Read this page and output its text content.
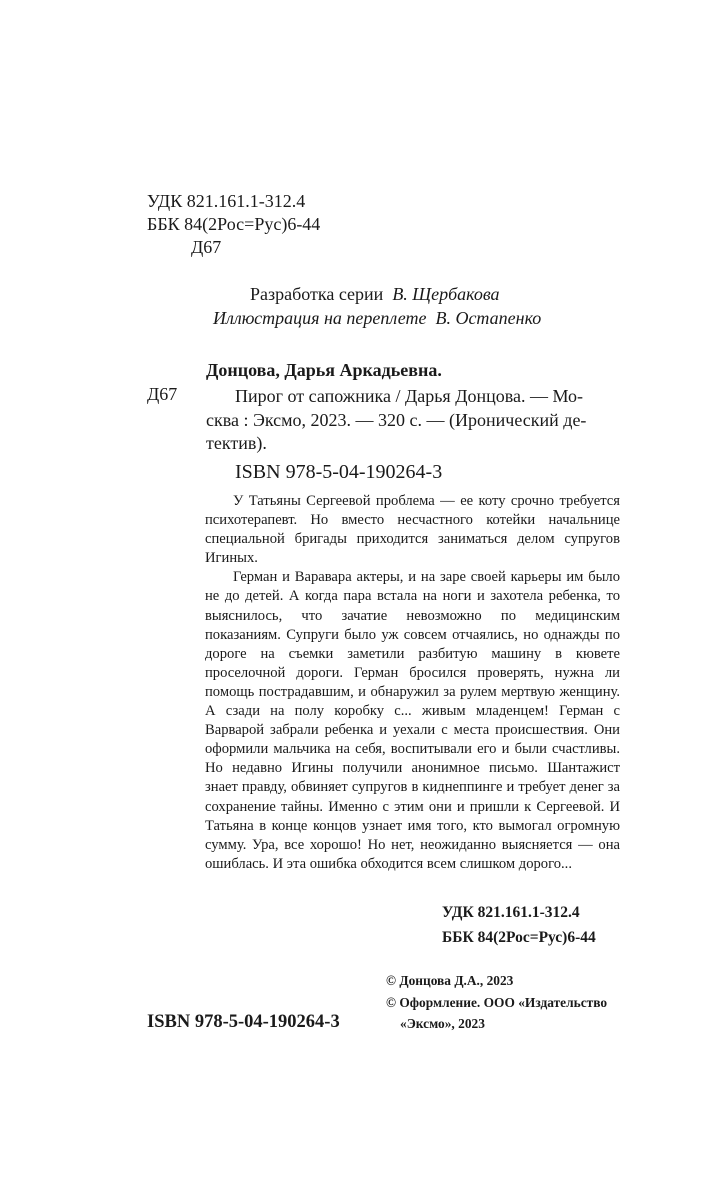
УДК 821.161.1-312.4
ББК 84(2Рос=Рус)6-44
Д67
Разработка серии В. Щербакова
Иллюстрация на переплете В. Остапенко
Донцова, Дарья Аркадьевна.
Д67	Пирог от сапожника / Дарья Донцова. — Мо-
сква : Эксмо, 2023. — 320 с. — (Иронический де-
тектив).
ISBN 978-5-04-190264-3

У Татьяны Сергеевой проблема — ее коту срочно требуется психотерапевт. Но вместо несчастного котейки начальнице специальной бригады приходится заниматься делом супругов Игиных.

Герман и Варавара актеры, и на заре своей карьеры им было не до детей. А когда пара встала на ноги и захотела ребенка, то выяснилось, что зачатие невозможно по медицинским показаниям. Супруги было уж совсем отчаялись, но однажды по дороге на съемки заметили разбитую машину в кювете проселочной дороги. Герман бросился проверять, нужна ли помощь пострадавшим, и обнаружил за рулем мертвую женщину. А сзади на полу коробку с... живым младенцем! Герман с Варварой забрали ребенка и уехали с места происшествия. Они оформили мальчика на себя, воспитывали его и были счастливы. Но недавно Игины получили анонимное письмо. Шантажист знает правду, обвиняет супругов в киднеппинге и требует денег за сохранение тайны. Именно с этим они и пришли к Сергеевой. И Татьяна в конце концов узнает имя того, кто вымогал огромную сумму. Ура, все хорошо! Но нет, неожиданно выясняется — она ошиблась. И эта ошибка обходится всем слишком дорого...

УДК 821.161.1-312.4
ББК 84(2Рос=Рус)6-44
© Донцова Д.А., 2023
© Оформление. ООО «Издательство
«Эксмо», 2023
ISBN 978-5-04-190264-3
